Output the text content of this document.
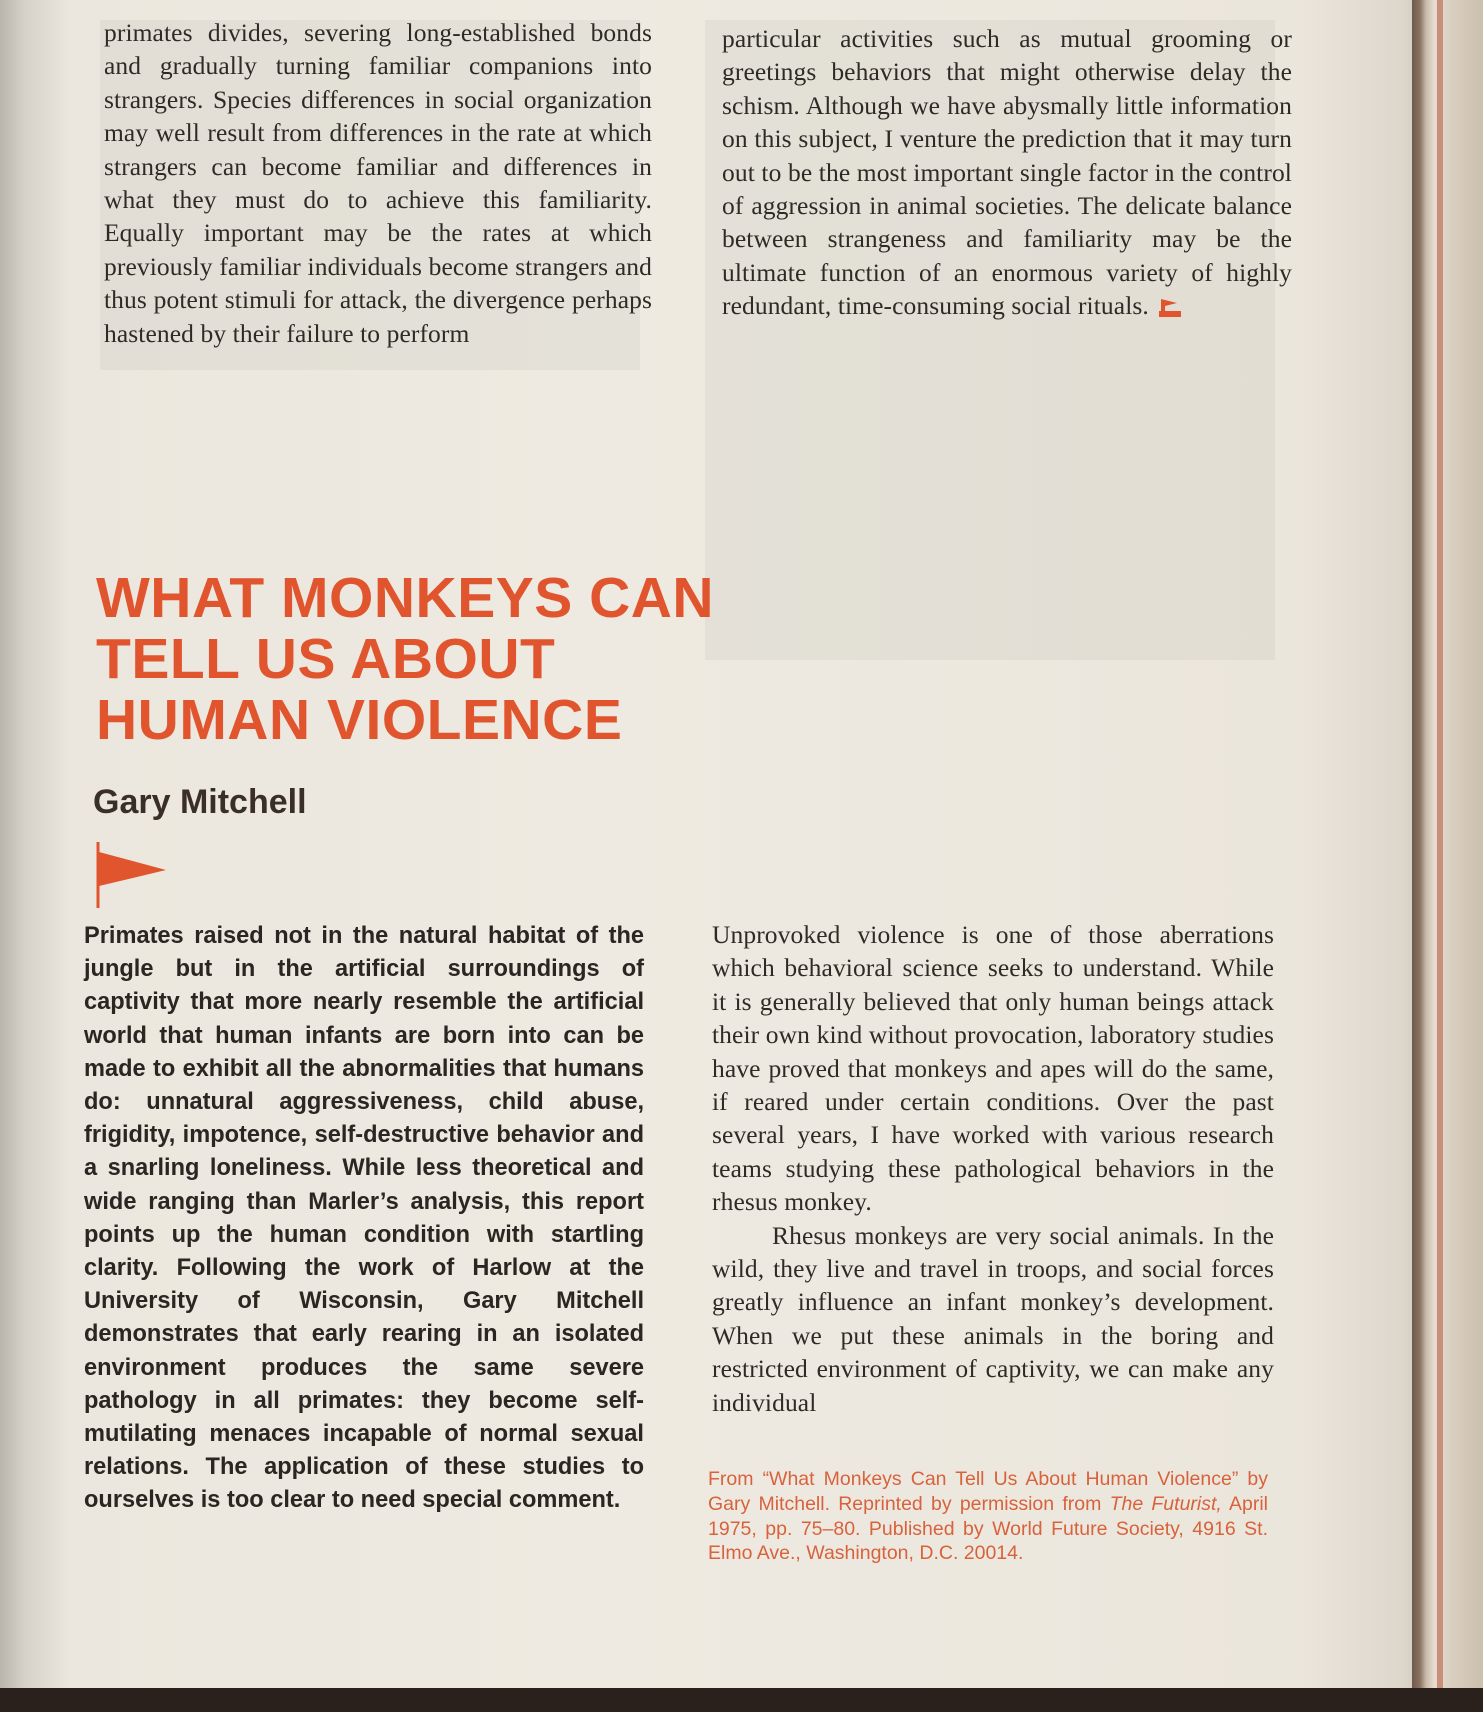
primates divides, severing long-established bonds and gradually turning familiar companions into strangers. Species differences in social organization may well result from differences in the rate at which strangers can become familiar and differences in what they must do to achieve this familiarity. Equally important may be the rates at which previously familiar individuals become strangers and thus potent stimuli for attack, the divergence perhaps hastened by their failure to perform

particular activities such as mutual grooming or greetings behaviors that might otherwise delay the schism. Although we have abysmally little information on this subject, I venture the prediction that it may turn out to be the most important single factor in the control of aggression in animal societies. The delicate balance between strangeness and familiarity may be the ultimate function of an enormous variety of highly redundant, time-consuming social rituals.

WHAT MONKEYS CAN
TELL US ABOUT
HUMAN VIOLENCE
Gary Mitchell
Primates raised not in the natural habitat of the jungle but in the artificial surroundings of captivity that more nearly resemble the artificial world that human infants are born into can be made to exhibit all the abnormalities that humans do: unnatural aggressiveness, child abuse, frigidity, impotence, self-destructive behavior and a snarling loneliness. While less theoretical and wide ranging than Marler’s analysis, this report points up the human condition with startling clarity. Following the work of Harlow at the University of Wisconsin, Gary Mitchell demonstrates that early rearing in an isolated environment produces the same severe pathology in all primates: they become self-mutilating menaces incapable of normal sexual relations. The application of these studies to ourselves is too clear to need special comment.

Unprovoked violence is one of those aberrations which behavioral science seeks to understand. While it is generally believed that only human beings attack their own kind without provocation, laboratory studies have proved that monkeys and apes will do the same, if reared under certain conditions. Over the past several years, I have worked with various research teams studying these pathological behaviors in the rhesus monkey.

Rhesus monkeys are very social animals. In the wild, they live and travel in troops, and social forces greatly influence an infant monkey’s development. When we put these animals in the boring and restricted environment of captivity, we can make any individual

From “What Monkeys Can Tell Us About Human Violence” by Gary Mitchell. Reprinted by permission from The Futurist, April 1975, pp. 75–80. Published by World Future Society, 4916 St. Elmo Ave., Washington, D.C. 20014.
